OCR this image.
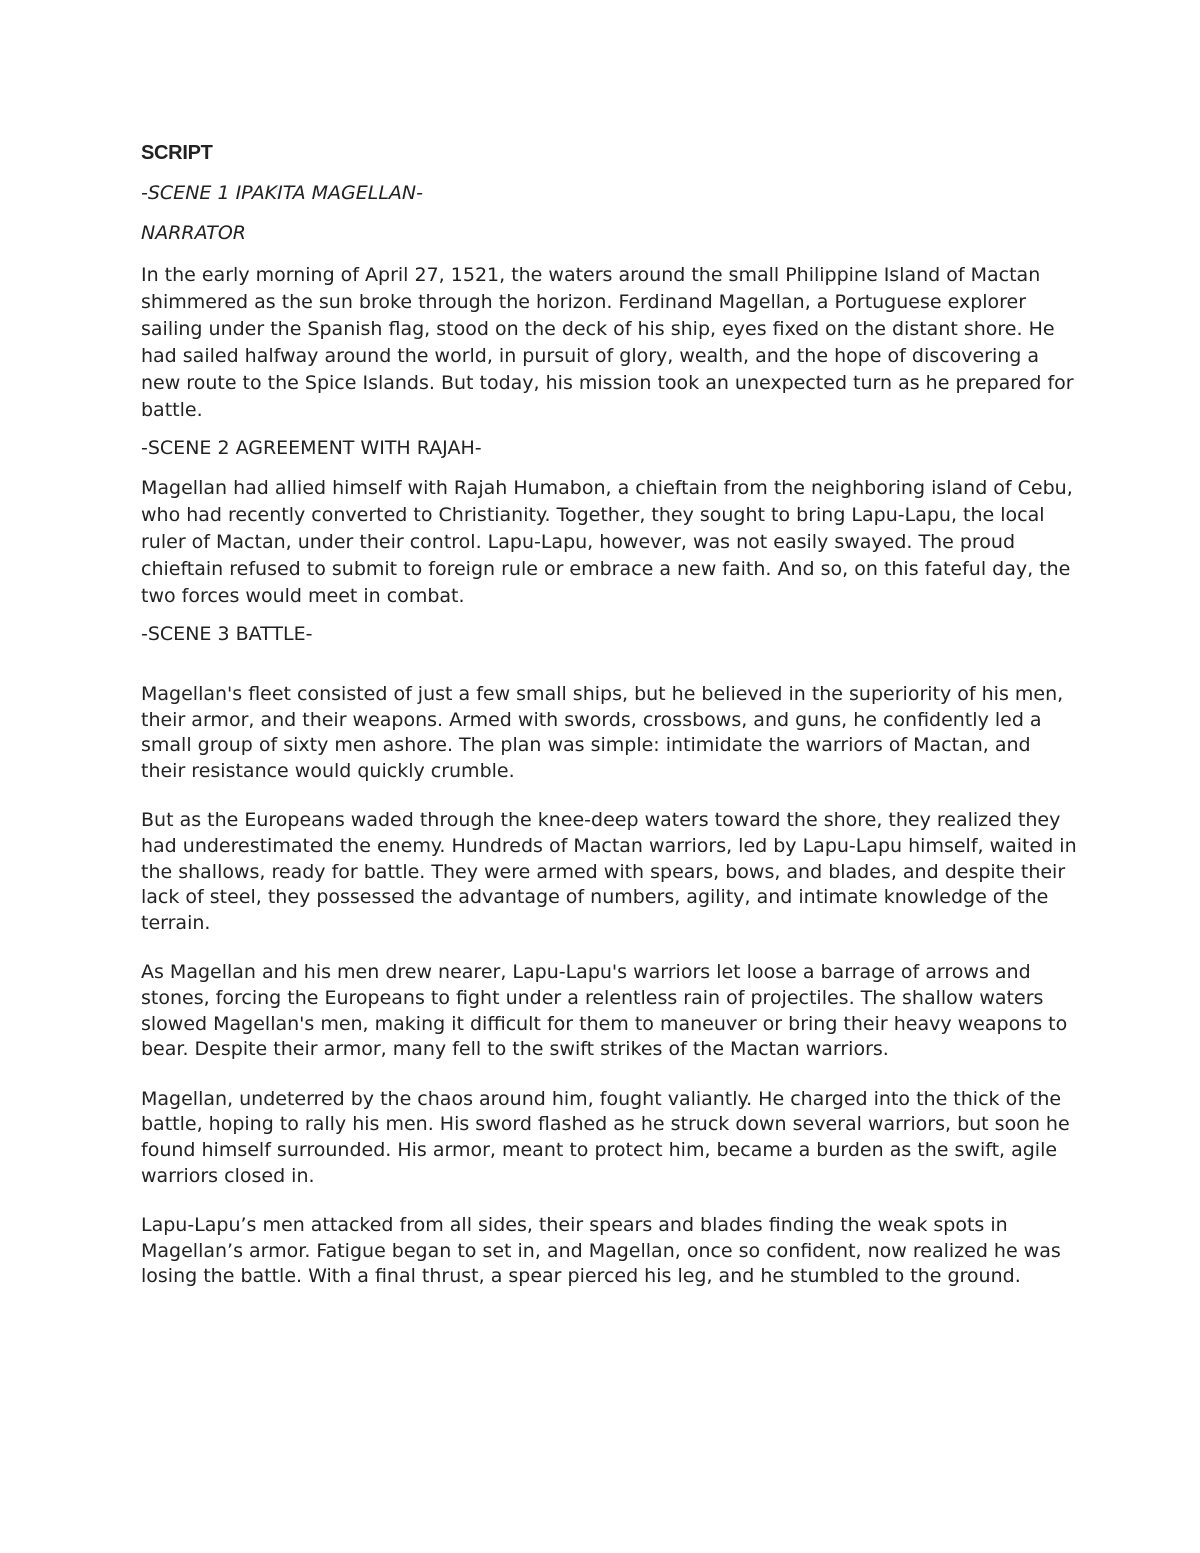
SCRIPT

-SCENE 1 IPAKITA MAGELLAN-

NARRATOR

In the early morning of April 27, 1521, the waters around the small Philippine Island of Mactan shimmered as the sun broke through the horizon. Ferdinand Magellan, a Portuguese explorer sailing under the Spanish flag, stood on the deck of his ship, eyes fixed on the distant shore. He had sailed halfway around the world, in pursuit of glory, wealth, and the hope of discovering a new route to the Spice Islands. But today, his mission took an unexpected turn as he prepared for battle.

-SCENE 2 AGREEMENT WITH RAJAH-

Magellan had allied himself with Rajah Humabon, a chieftain from the neighboring island of Cebu, who had recently converted to Christianity. Together, they sought to bring Lapu-Lapu, the local ruler of Mactan, under their control. Lapu-Lapu, however, was not easily swayed. The proud chieftain refused to submit to foreign rule or embrace a new faith. And so, on this fateful day, the two forces would meet in combat.

-SCENE 3 BATTLE-

Magellan's fleet consisted of just a few small ships, but he believed in the superiority of his men, their armor, and their weapons. Armed with swords, crossbows, and guns, he confidently led a small group of sixty men ashore. The plan was simple: intimidate the warriors of Mactan, and their resistance would quickly crumble.

But as the Europeans waded through the knee-deep waters toward the shore, they realized they had underestimated the enemy. Hundreds of Mactan warriors, led by Lapu-Lapu himself, waited in the shallows, ready for battle. They were armed with spears, bows, and blades, and despite their lack of steel, they possessed the advantage of numbers, agility, and intimate knowledge of the terrain.

As Magellan and his men drew nearer, Lapu-Lapu's warriors let loose a barrage of arrows and stones, forcing the Europeans to fight under a relentless rain of projectiles. The shallow waters slowed Magellan's men, making it difficult for them to maneuver or bring their heavy weapons to bear. Despite their armor, many fell to the swift strikes of the Mactan warriors.

Magellan, undeterred by the chaos around him, fought valiantly. He charged into the thick of the battle, hoping to rally his men. His sword flashed as he struck down several warriors, but soon he found himself surrounded. His armor, meant to protect him, became a burden as the swift, agile warriors closed in.

Lapu-Lapu’s men attacked from all sides, their spears and blades finding the weak spots in Magellan’s armor. Fatigue began to set in, and Magellan, once so confident, now realized he was losing the battle. With a final thrust, a spear pierced his leg, and he stumbled to the ground.
